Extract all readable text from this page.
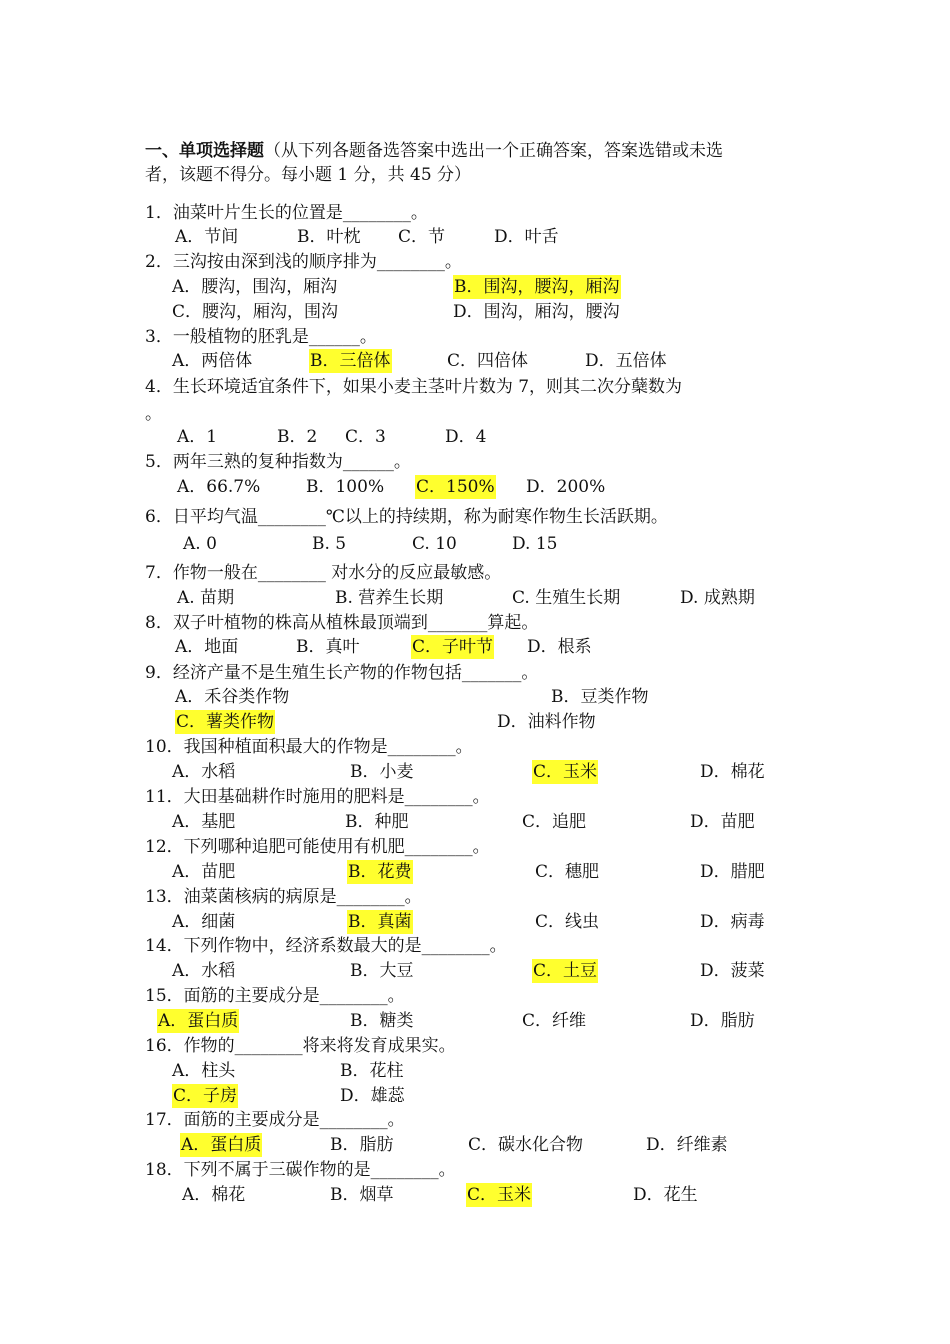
一、单项选择题（从下列各题备选答案中选出一个正确答案，答案选错或未选
者，该题不得分。每小题 1 分，共 45 分）
1．油菜叶片生长的位置是________。
A．节间	B．叶枕 C．节	D．叶舌
2．三沟按由深到浅的顺序排为________。
A．腰沟，围沟，厢沟	B．围沟，腰沟，厢沟
C．腰沟，厢沟，围沟	D．围沟，厢沟，腰沟
3．一般植物的胚乳是______。
A．两倍体	B．三倍体	C．四倍体	D．五倍体
4．生长环境适宜条件下，如果小麦主茎叶片数为 7，则其二次分蘖数为
。
A．1	B．2 C．3	D．4
5．两年三熟的复种指数为______。
A．66.7%	B．100% C．150% D．200%
6．日平均气温________℃以上的持续期，称为耐寒作物生长活跃期。
A. 0	B. 5	C. 10	D. 15
7．作物一般在________ 对水分的反应最敏感。
A. 苗期	B. 营养生长期	C. 生殖生长期	D. 成熟期
8．双子叶植物的株高从植株最顶端到_______算起。
A．地面	B．真叶	C．子叶节 D．根系
9．经济产量不是生殖生长产物的作物包括_______。
A．禾谷类作物	B．豆类作物
C．薯类作物	D．油料作物
10．我国种植面积最大的作物是________。
A．水稻	B．小麦	C．玉米	D．棉花
11．大田基础耕作时施用的肥料是________。
A．基肥	B．种肥	C．追肥	D．苗肥
12．下列哪种追肥可能使用有机肥________。
A．苗肥	B．花费	C．穗肥	D．腊肥
13．油菜菌核病的病原是________。
A．细菌	B．真菌	C．线虫	D．病毒
14．下列作物中，经济系数最大的是________。
A．水稻	B．大豆	C．土豆	D．菠菜
15．面筋的主要成分是________。
A．蛋白质	B．糖类	C．纤维	D．脂肪
16．作物的________将来将发育成果实。
A．柱头	B．花柱
C．子房	D．雄蕊
17．面筋的主要成分是________。
A．蛋白质	B．脂肪	C．碳水化合物	D．纤维素
18．下列不属于三碳作物的是________。
A．棉花	B．烟草	C．玉米	D．花生
